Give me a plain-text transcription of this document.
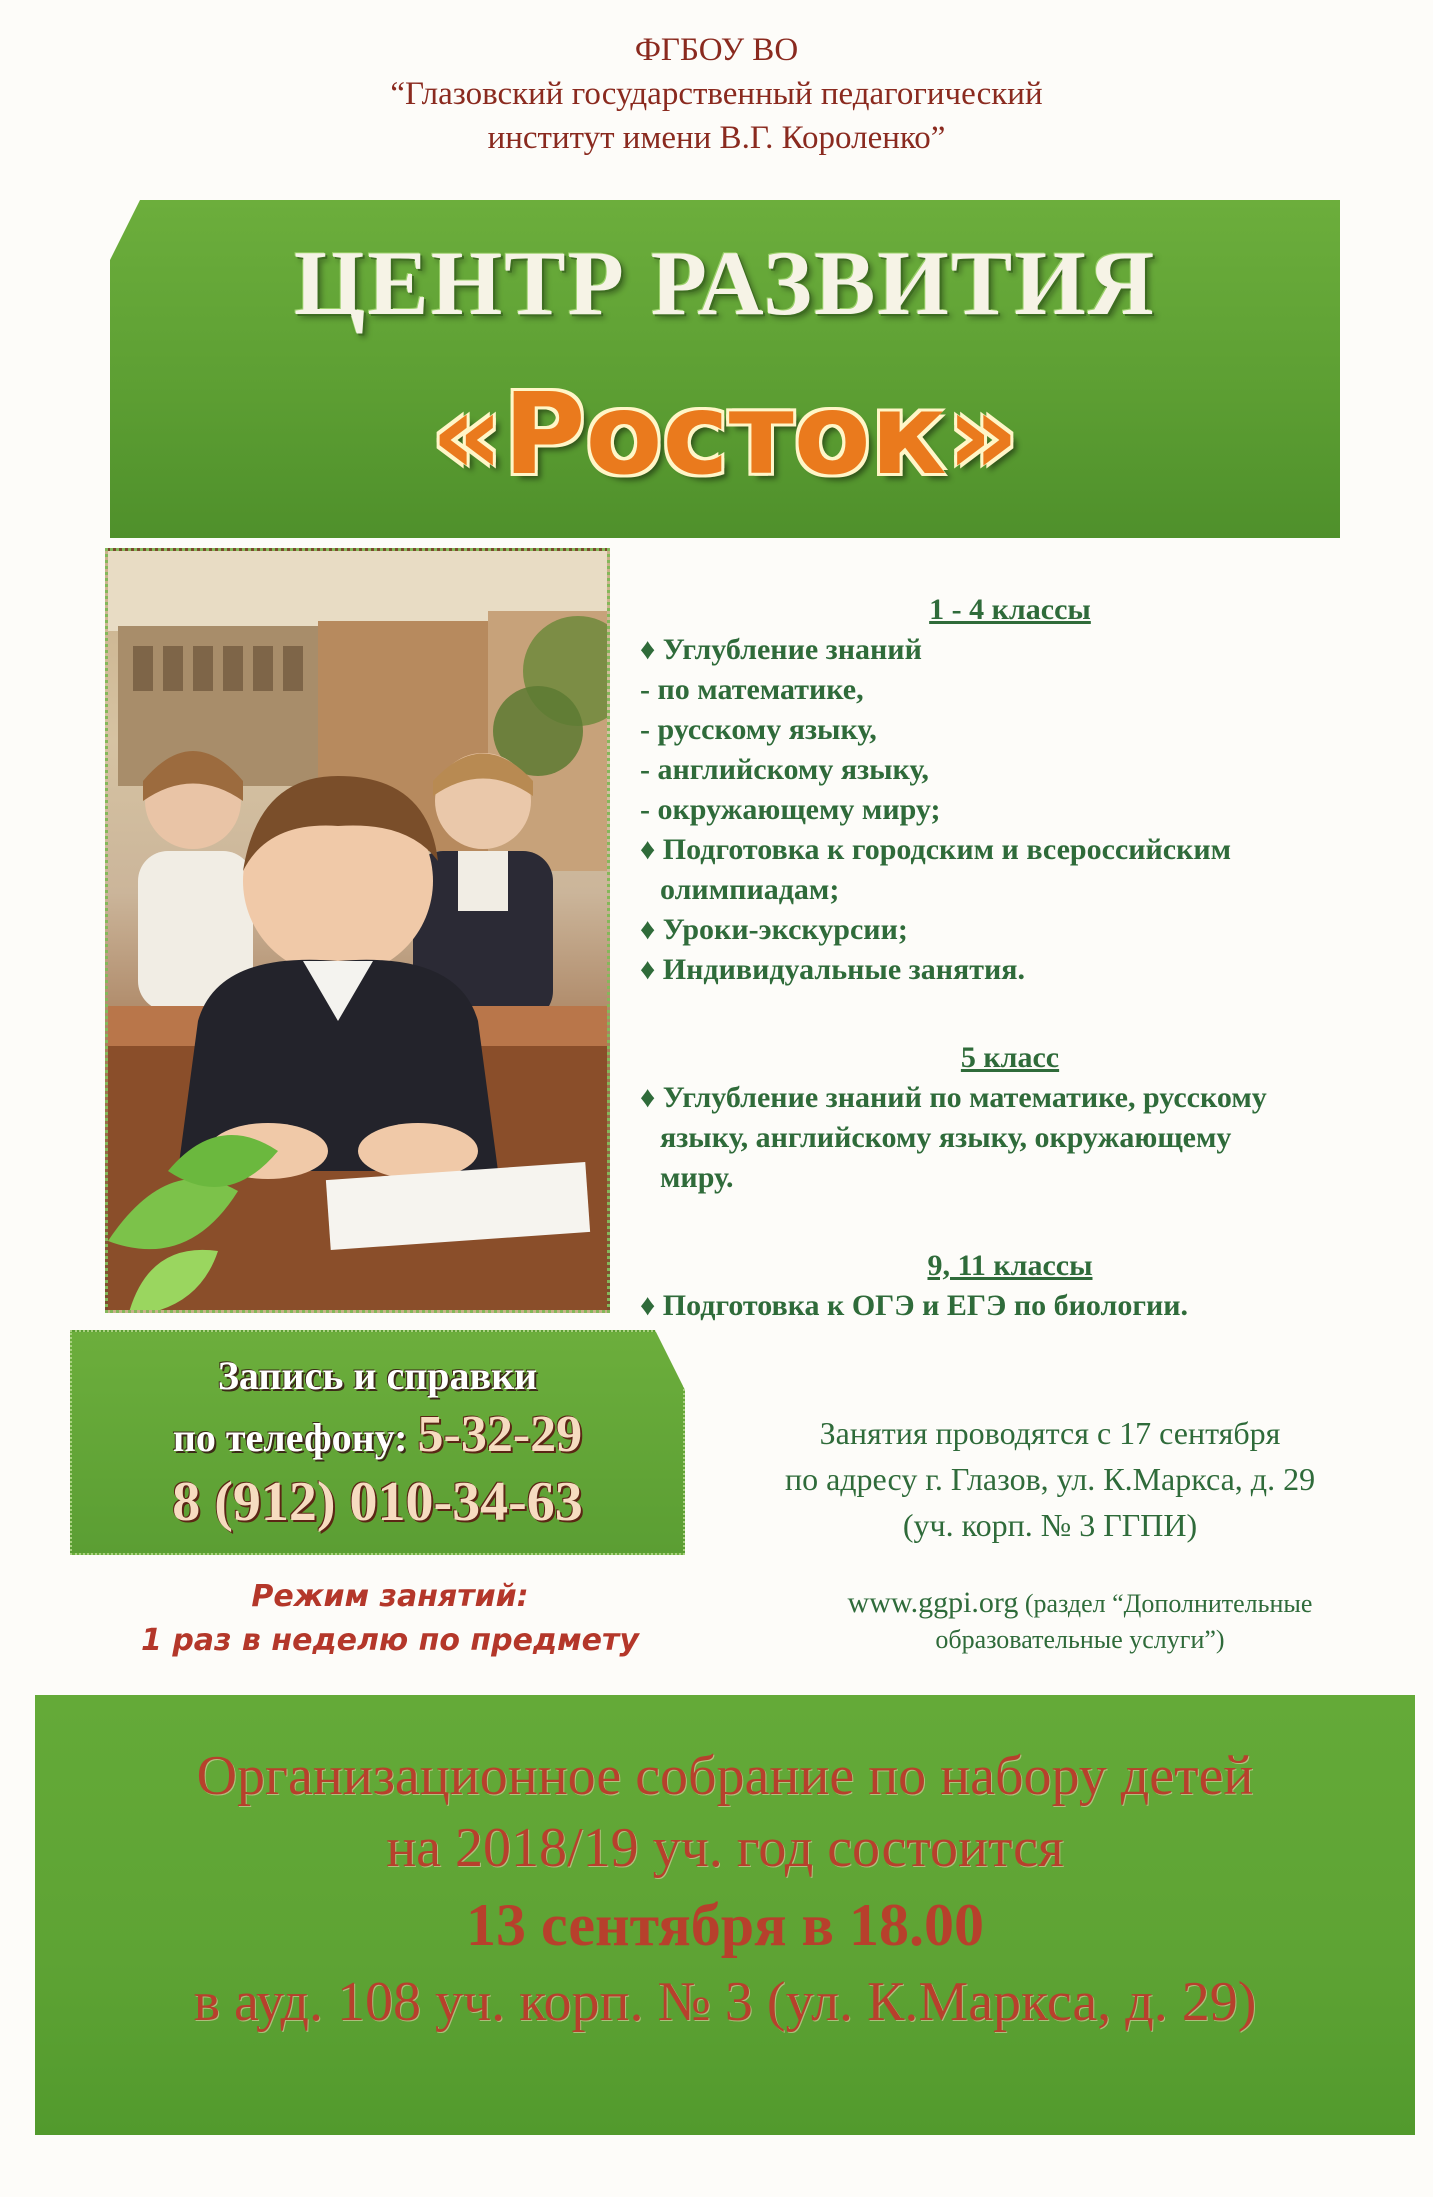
ФГБОУ ВО
“Глазовский государственный педагогический
институт имени В.Г. Короленко”
ЦЕНТР РАЗВИТИЯ
«Росток»
1 - 4 классы
♦ Углубление знаний
- по математике,
- русскому языку,
- английскому языку,
- окружающему миру;
♦ Подготовка к городским и всероссийским
олимпиадам;
♦ Уроки-экскурсии;
♦ Индивидуальные занятия.
5 класс
♦ Углубление знаний по математике, русскому
языку, английскому языку, окружающему
миру.
9, 11 классы
♦ Подготовка к ОГЭ и ЕГЭ по биологии.
Запись и справки
по телефону: 5-32-29
8 (912) 010-34-63
Режим занятий:
1 раз в неделю по предмету
Занятия проводятся с 17 сентября
по адресу г. Глазов, ул. К.Маркса, д. 29
(уч. корп. № 3 ГГПИ)
www.ggpi.org (раздел “Дополнительные
образовательные услуги”)
Организационное собрание по набору детей
на 2018/19 уч. год состоится
13 сентября в 18.00
в ауд. 108 уч. корп. № 3 (ул. К.Маркса, д. 29)
